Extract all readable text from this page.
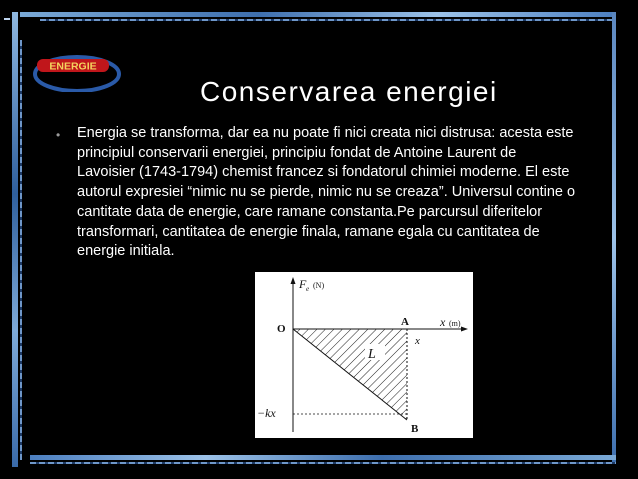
ENERGIE
Conservarea energiei
• Energia se transforma, dar ea nu poate fi nici creata nici distrusa: acesta este principiul conservarii energiei, principiu fondat de Antoine Laurent de Lavoisier (1743-1794) chemist francez si fondatorul chimiei moderne. El este autorul expresiei “nimic nu se pierde, nimic nu se creaza”. Universul contine o cantitate data de energie, care ramane constanta.Pe parcursul diferitelor transformari, cantitatea de energie finala, ramane egala cu cantitatea de energie initiala.

L
F e (N)
x (m)
O
A
x
B
−kx
